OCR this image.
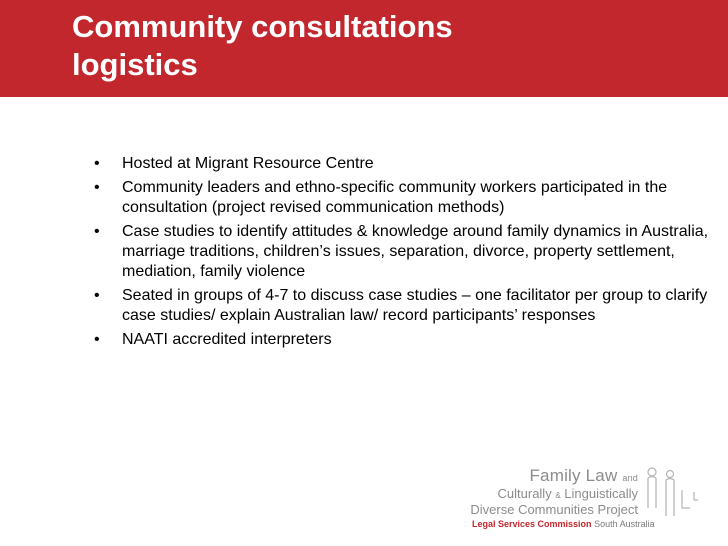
Community consultations
logistics
• Hosted at Migrant Resource Centre
• Community leaders and ethno-specific community workers participated in the consultation (project revised communication methods)
• Case studies to identify attitudes & knowledge around family dynamics in Australia, marriage traditions, children’s issues, separation, divorce, property settlement, mediation, family violence
• Seated in groups of 4-7 to discuss case studies – one facilitator per group to clarify case studies/ explain Australian law/ record participants’ responses
• NAATI accredited interpreters
Family Law and
Culturally & Linguistically
Diverse Communities Project
Legal Services Commission South Australia
